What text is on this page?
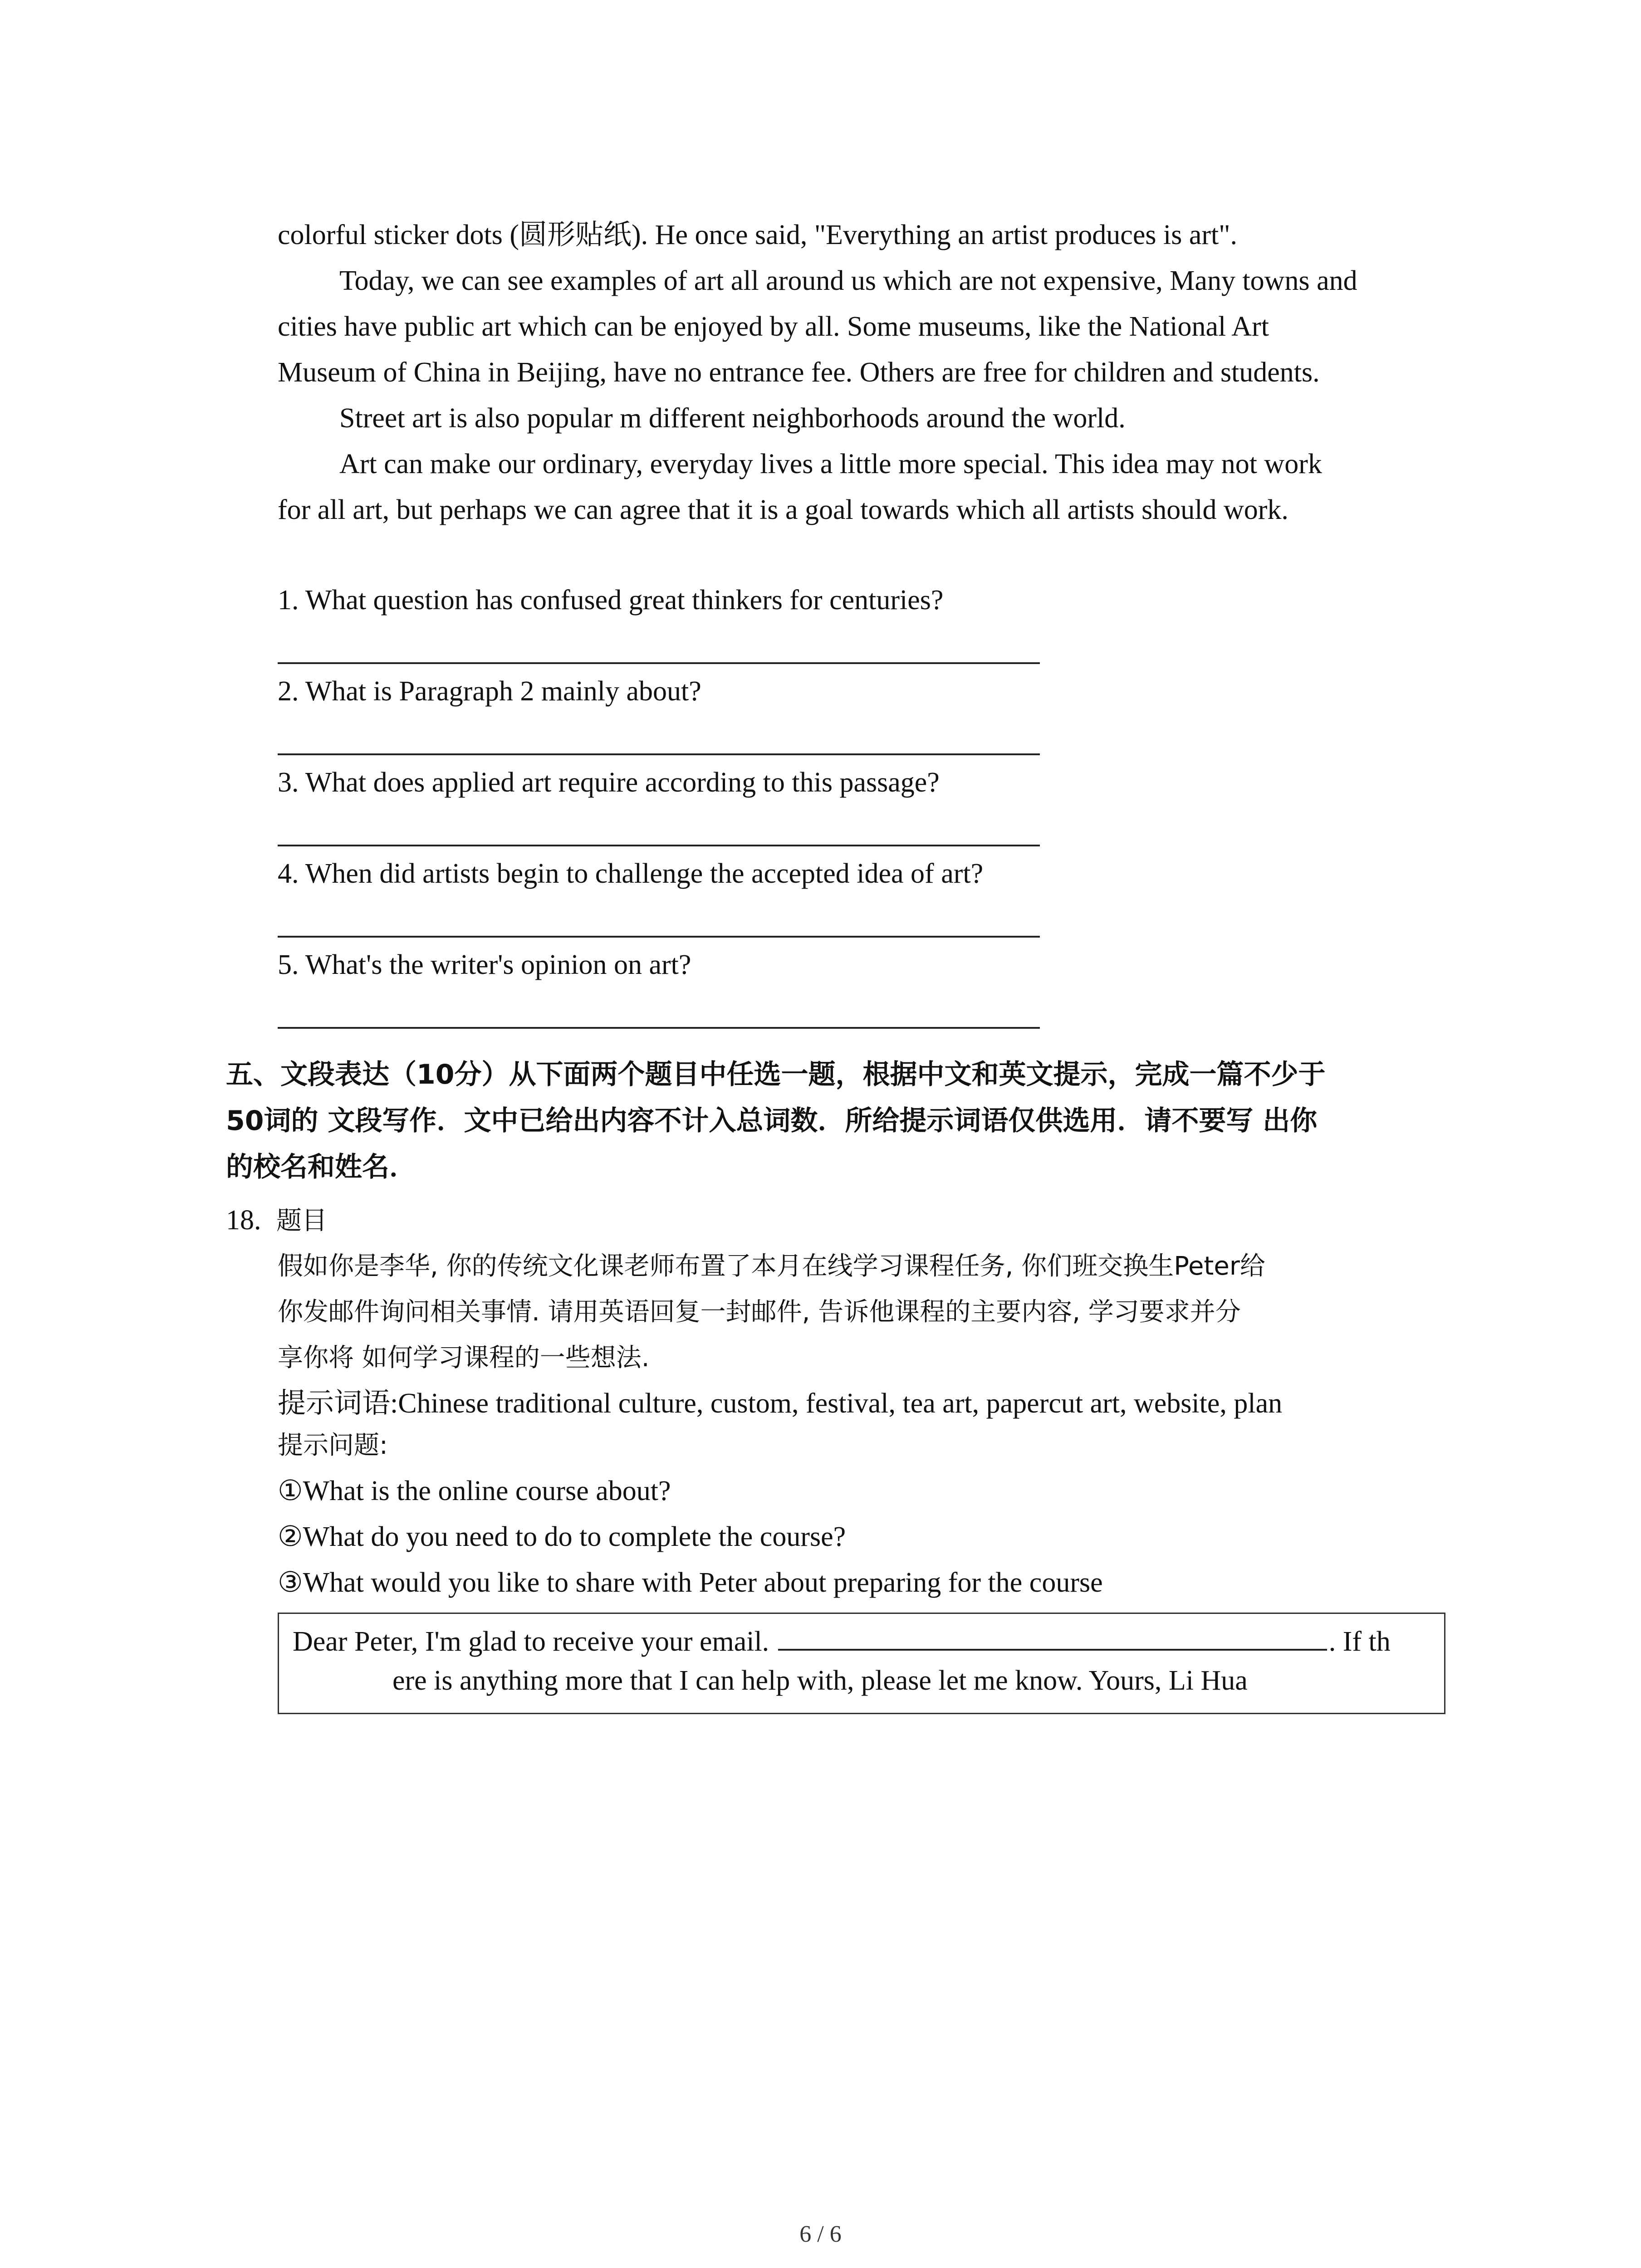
colorful sticker dots (圆形贴纸). He once said, "Everything an artist produces is art".
Today, we can see examples of art all around us which are not expensive, Many towns and
cities have public art which can be enjoyed by all. Some museums, like the National Art
Museum of China in Beijing, have no entrance fee. Others are free for children and students.
Street art is also popular m different neighborhoods around the world.
Art can make our ordinary, everyday lives a little more special. This idea may not work
for all art, but perhaps we can agree that it is a goal towards which all artists should work.
1. What question has confused great thinkers for centuries?
2. What is Paragraph 2 mainly about?
3. What does applied art require according to this passage?
4. When did artists begin to challenge the accepted idea of art?
5. What's the writer's opinion on art?
五、文段表达（10分）从下面两个题目中任选一题，根据中文和英文提示，完成一篇不少于
50词的 文段写作．文中已给出内容不计入总词数．所给提示词语仅供选用．请不要写 出你
的校名和姓名．
18. 题目
假如你是李华, 你的传统文化课老师布置了本月在线学习课程任务, 你们班交换生Peter给
你发邮件询问相关事情. 请用英语回复一封邮件, 告诉他课程的主要内容, 学习要求并分
享你将 如何学习课程的一些想法.
提示词语:Chinese traditional culture, custom, festival, tea art, papercut art, website, plan
提示问题:
①What is the online course about?
②What do you need to do to complete the course?
③What would you like to share with Peter about preparing for the course
Dear Peter, I'm glad to receive your email.	. If th
ere is anything more that I can help with, please let me know. Yours, Li Hua
6 / 6
